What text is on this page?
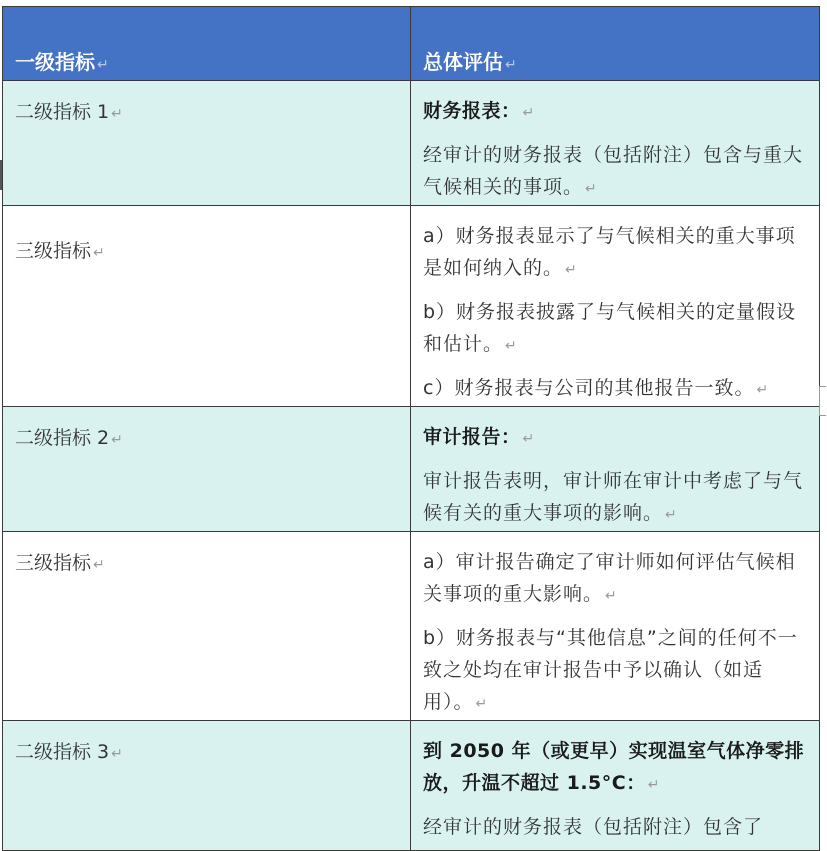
一级指标 ↵	总体评估 ↵

二级指标 1 ↵	财务报表： ↵
经审计的财务报表（包括附注）包含与重大气候相关的事项。 ↵

三级指标 ↵	a）财务报表显示了与气候相关的重大事项是如何纳入的。 ↵
b）财务报表披露了与气候相关的定量假设和估计。 ↵
c）财务报表与公司的其他报告一致。 ↵

二级指标 2 ↵	审计报告： ↵
审计报告表明，审计师在审计中考虑了与气候有关的重大事项的影响。 ↵

三级指标 ↵	a）审计报告确定了审计师如何评估气候相关事项的重大影响。 ↵
b）财务报表与“其他信息”之间的任何不一致之处均在审计报告中予以确认（如适用）。 ↵

二级指标 3 ↵	到 2050 年（或更早）实现温室气体净零排放，升温不超过 1.5°C： ↵
经审计的财务报表（包括附注）包含了
